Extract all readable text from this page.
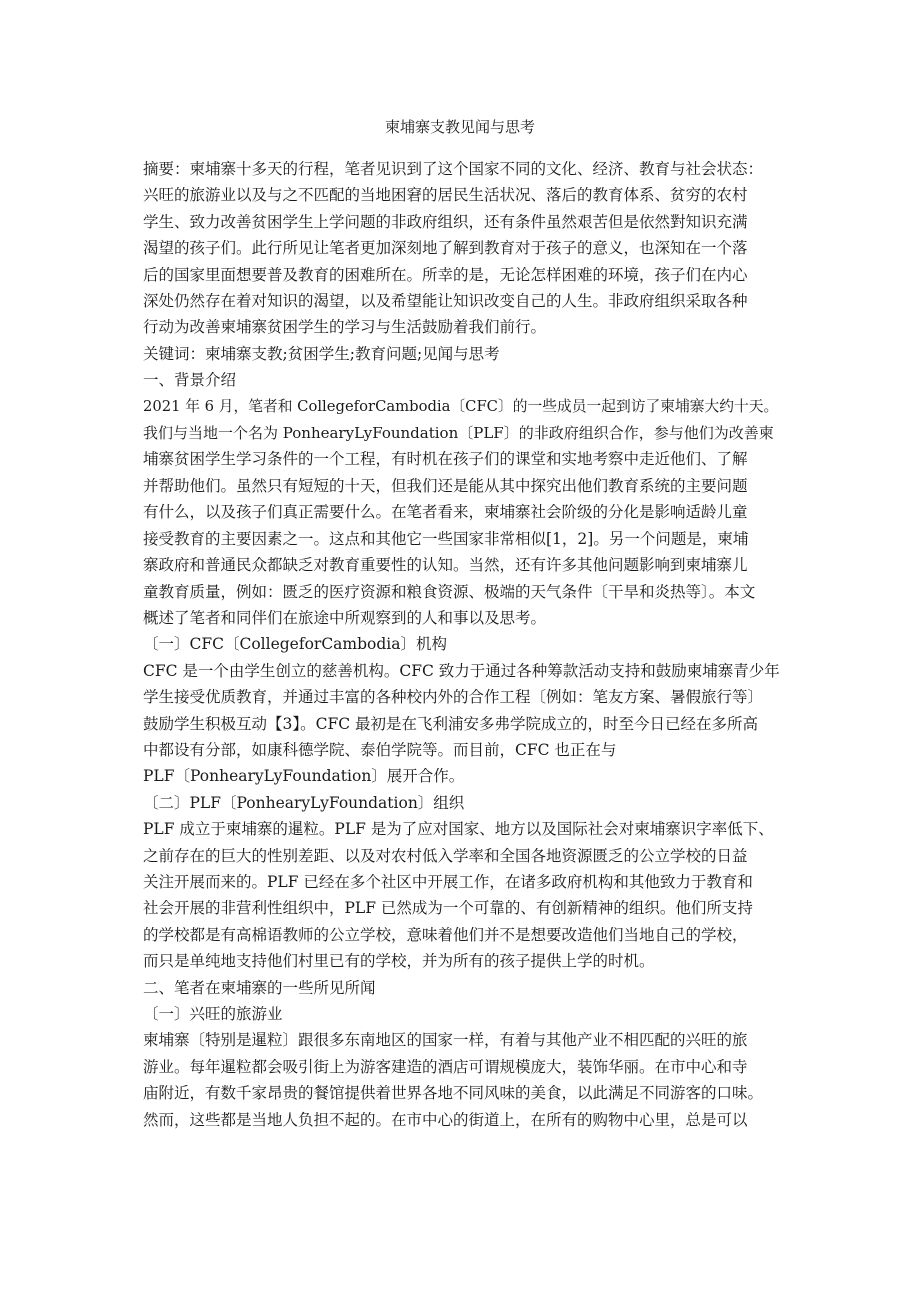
柬埔寨支教见闻与思考

摘要：柬埔寨十多天的行程，笔者见识到了这个国家不同的文化、经济、教育与社会状态：

兴旺的旅游业以及与之不匹配的当地困窘的居民生活状况、落后的教育体系、贫穷的农村

学生、致力改善贫困学生上学问题的非政府组织，还有条件虽然艰苦但是依然對知识充满

渴望的孩子们。此行所见让笔者更加深刻地了解到教育对于孩子的意义，也深知在一个落

后的国家里面想要普及教育的困难所在。所幸的是，无论怎样困难的环境，孩子们在内心

深处仍然存在着对知识的渴望，以及希望能让知识改变自己的人生。非政府组织采取各种

行动为改善柬埔寨贫困学生的学习与生活鼓励着我们前行。

关键词：柬埔寨支教;贫困学生;教育问题;见闻与思考

一、背景介绍

2021 年 6 月，笔者和 CollegeforCambodia〔CFC〕的一些成员一起到访了柬埔寨大约十天。

我们与当地一个名为 PonhearyLyFoundation〔PLF〕的非政府组织合作，参与他们为改善柬

埔寨贫困学生学习条件的一个工程，有时机在孩子们的课堂和实地考察中走近他们、了解

并帮助他们。虽然只有短短的十天，但我们还是能从其中探究出他们教育系统的主要问题

有什么，以及孩子们真正需要什么。在笔者看来，柬埔寨社会阶级的分化是影响适龄儿童

接受教育的主要因素之一。这点和其他它一些国家非常相似[1，2]。另一个问题是，柬埔

寨政府和普通民众都缺乏对教育重要性的认知。当然，还有许多其他问题影响到柬埔寨儿

童教育质量，例如：匮乏的医疗资源和粮食资源、极端的天气条件〔干旱和炎热等〕。本文

概述了笔者和同伴们在旅途中所观察到的人和事以及思考。

〔一〕CFC〔CollegeforCambodia〕机构

CFC 是一个由学生创立的慈善机构。CFC 致力于通过各种筹款活动支持和鼓励柬埔寨青少年

学生接受优质教育，并通过丰富的各种校内外的合作工程〔例如：笔友方案、暑假旅行等〕

鼓励学生积极互动【3】。CFC 最初是在飞利浦安多弗学院成立的，时至今日已经在多所高

中都设有分部，如康科德学院、泰伯学院等。而目前，CFC 也正在与

PLF〔PonhearyLyFoundation〕展开合作。

〔二〕PLF〔PonhearyLyFoundation〕组织

PLF 成立于柬埔寨的暹粒。PLF 是为了应对国家、地方以及国际社会对柬埔寨识字率低下、

之前存在的巨大的性别差距、以及对农村低入学率和全国各地资源匮乏的公立学校的日益

关注开展而来的。PLF 已经在多个社区中开展工作，在诸多政府机构和其他致力于教育和

社会开展的非营利性组织中，PLF 已然成为一个可靠的、有创新精神的组织。他们所支持

的学校都是有高棉语教师的公立学校，意味着他们并不是想要改造他们当地自己的学校，

而只是单纯地支持他们村里已有的学校，并为所有的孩子提供上学的时机。

二、笔者在柬埔寨的一些所见所闻

〔一〕兴旺的旅游业

柬埔寨〔特别是暹粒〕跟很多东南地区的国家一样，有着与其他产业不相匹配的兴旺的旅

游业。每年暹粒都会吸引街上为游客建造的酒店可谓规模庞大，装饰华丽。在市中心和寺

庙附近，有数千家昂贵的餐馆提供着世界各地不同风味的美食，以此满足不同游客的口味。

然而，这些都是当地人负担不起的。在市中心的街道上，在所有的购物中心里，总是可以
